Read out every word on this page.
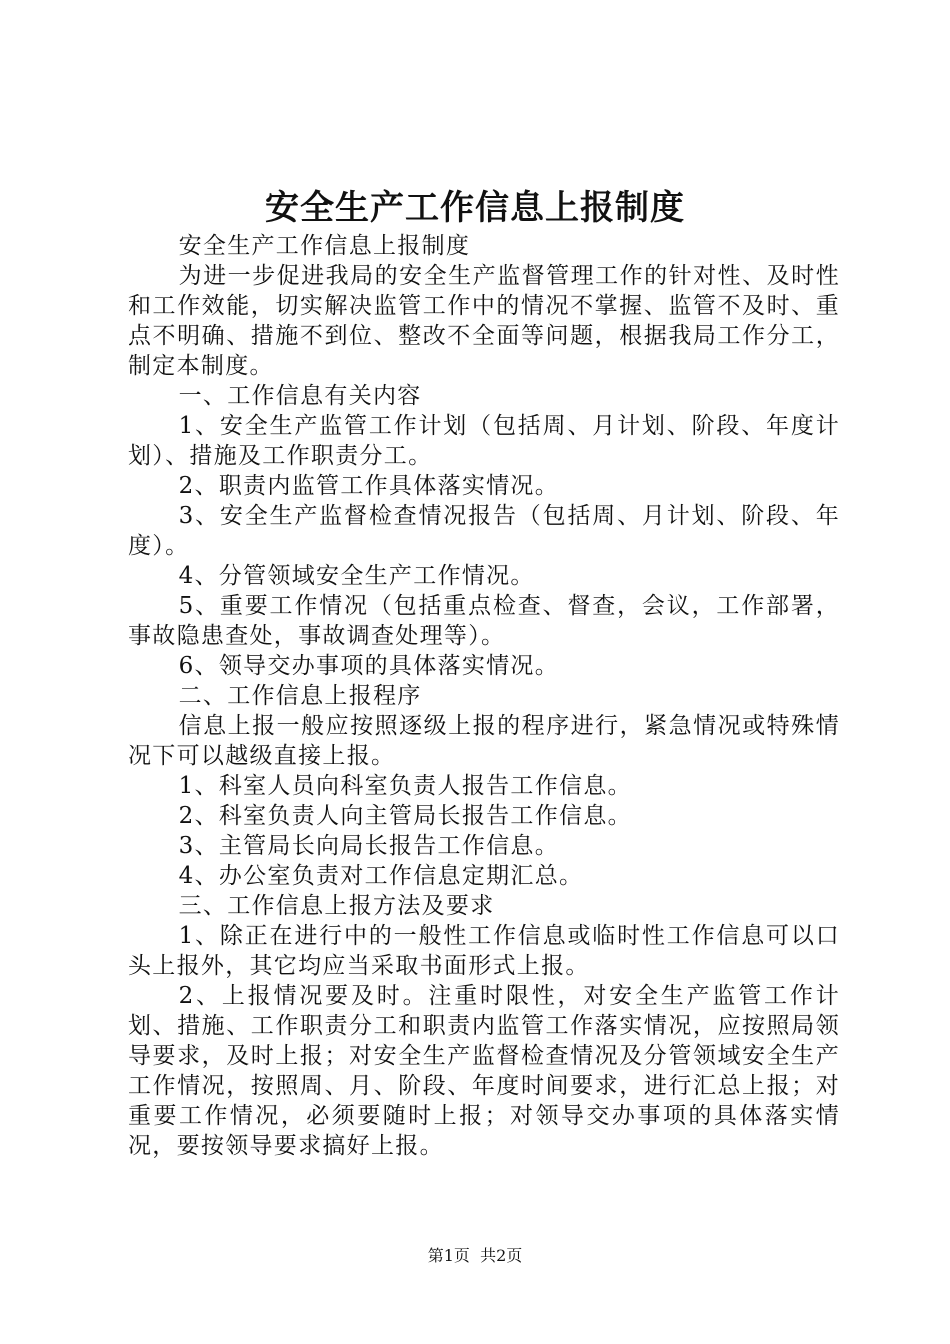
安全生产工作信息上报制度

安全生产工作信息上报制度

为进一步促进我局的安全生产监督管理工作的针对性、及时性和工作效能，切实解决监管工作中的情况不掌握、监管不及时、重点不明确、措施不到位、整改不全面等问题，根据我局工作分工，制定本制度。

一、工作信息有关内容

1、安全生产监管工作计划（包括周、月计划、阶段、年度计划）、措施及工作职责分工。

2、职责内监管工作具体落实情况。

3、安全生产监督检查情况报告（包括周、月计划、阶段、年度）。

4、分管领域安全生产工作情况。

5、重要工作情况（包括重点检查、督查，会议，工作部署，事故隐患查处，事故调查处理等）。

6、领导交办事项的具体落实情况。

二、工作信息上报程序

信息上报一般应按照逐级上报的程序进行，紧急情况或特殊情况下可以越级直接上报。

1、科室人员向科室负责人报告工作信息。

2、科室负责人向主管局长报告工作信息。

3、主管局长向局长报告工作信息。

4、办公室负责对工作信息定期汇总。

三、工作信息上报方法及要求

1、除正在进行中的一般性工作信息或临时性工作信息可以口头上报外，其它均应当采取书面形式上报。

2、上报情况要及时。注重时限性，对安全生产监管工作计划、措施、工作职责分工和职责内监管工作落实情况，应按照局领导要求，及时上报；对安全生产监督检查情况及分管领域安全生产工作情况，按照周、月、阶段、年度时间要求，进行汇总上报；对重要工作情况，必须要随时上报；对领导交办事项的具体落实情况，要按领导要求搞好上报。

第1页 共2页
